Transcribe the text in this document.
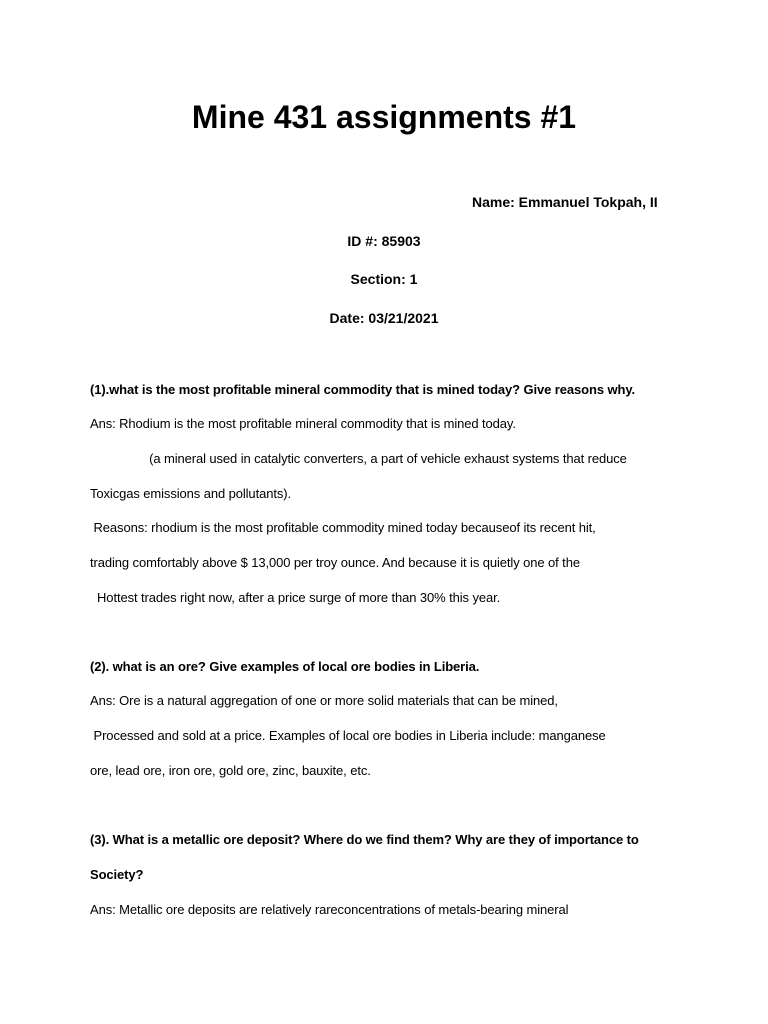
Mine 431 assignments #1
Name: Emmanuel Tokpah, II
ID #: 85903
Section: 1
Date: 03/21/2021
(1).what is the most profitable mineral commodity that is mined today? Give reasons why.
Ans: Rhodium is the most profitable mineral commodity that is mined today.
(a mineral used in catalytic converters, a part of vehicle exhaust systems that reduce
Toxicgas emissions and pollutants).
Reasons: rhodium is the most profitable commodity mined today becauseof its recent hit,
trading comfortably above $ 13,000 per troy ounce. And because it is quietly one of the
Hottest trades right now, after a price surge of more than 30% this year.
(2). what is an ore? Give examples of local ore bodies in Liberia.
Ans: Ore is a natural aggregation of one or more solid materials that can be mined,
Processed and sold at a price. Examples of local ore bodies in Liberia include: manganese
ore, lead ore, iron ore, gold ore, zinc, bauxite, etc.
(3). What is a metallic ore deposit? Where do we find them? Why are they of importance to
Society?
Ans: Metallic ore deposits are relatively rareconcentrations of metals-bearing mineral
